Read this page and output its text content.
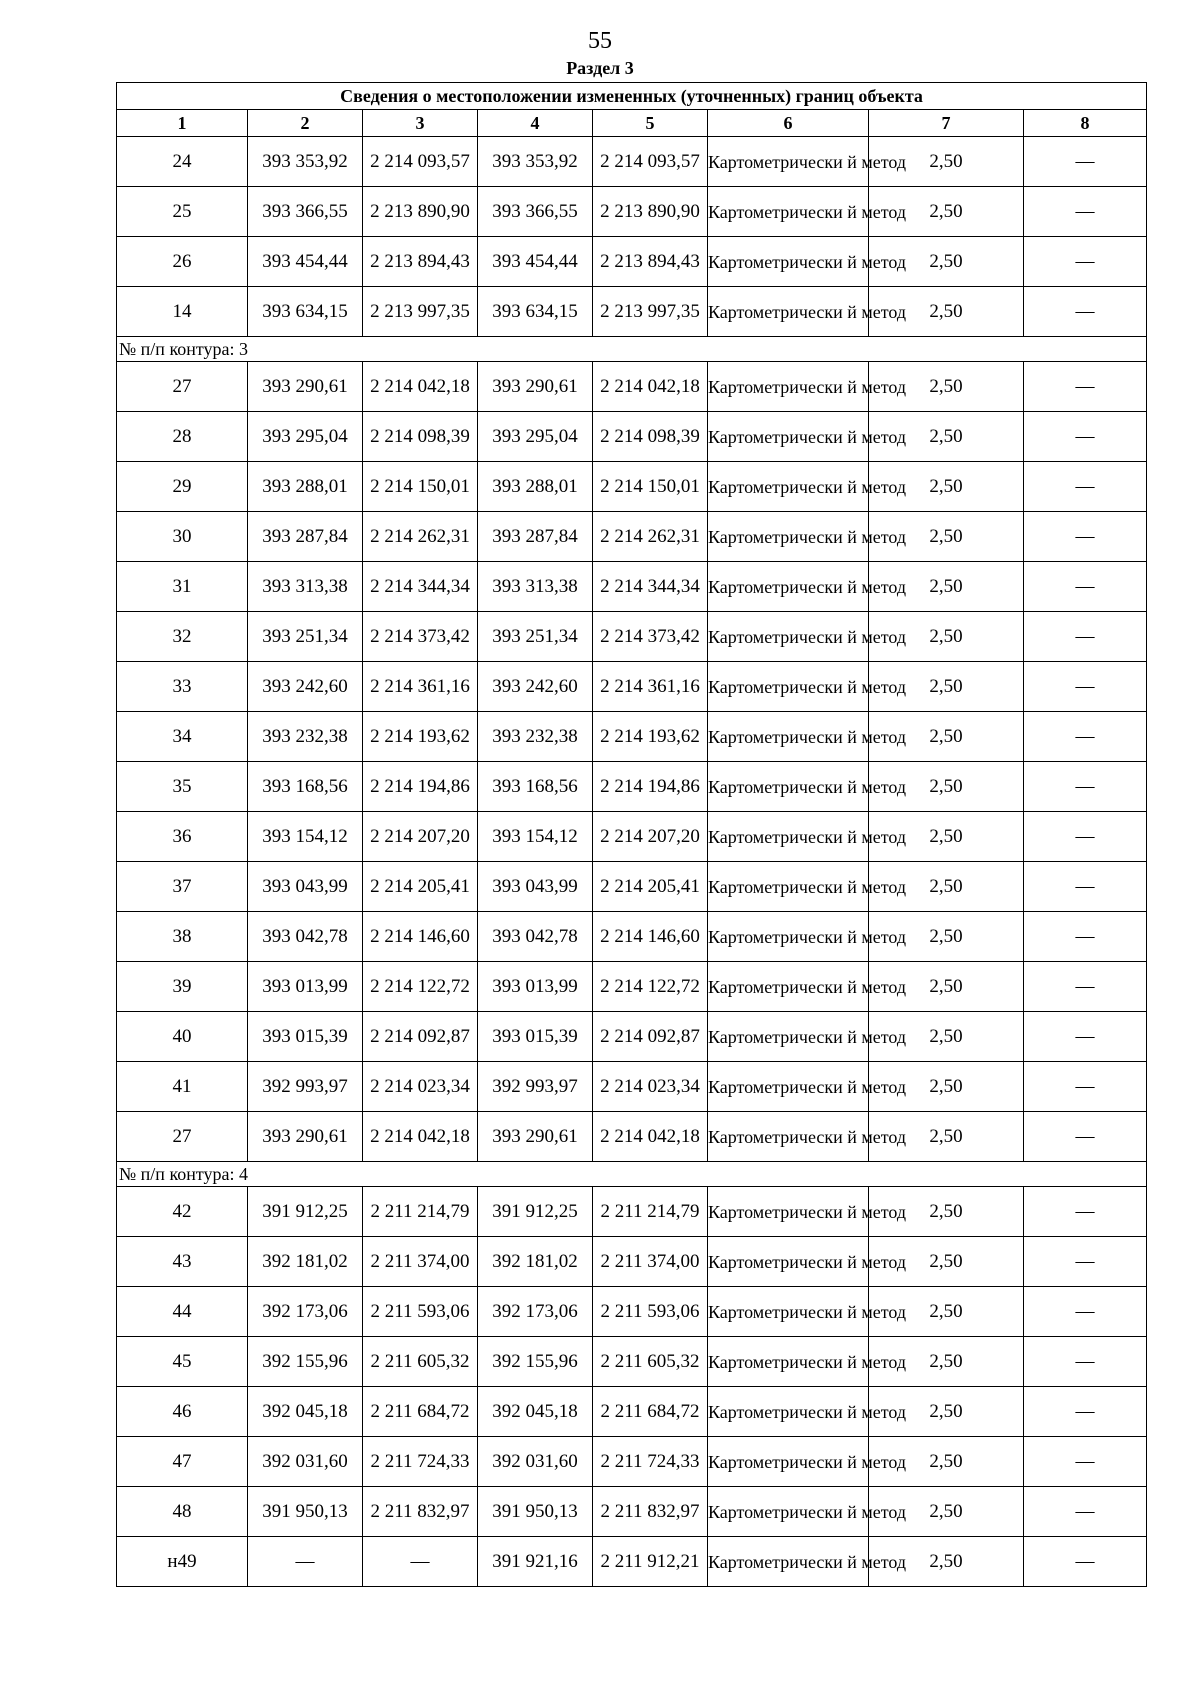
55
Раздел 3
Сведения о местоположении измененных (уточненных) границ объекта							
1	2	3	4	5	6	7	8
24	393 353,92	2 214 093,57	393 353,92	2 214 093,57	Картометрически й метод	2,50	—
25	393 366,55	2 213 890,90	393 366,55	2 213 890,90	Картометрически й метод	2,50	—
26	393 454,44	2 213 894,43	393 454,44	2 213 894,43	Картометрически й метод	2,50	—
14	393 634,15	2 213 997,35	393 634,15	2 213 997,35	Картометрически й метод	2,50	—
№ п/п контура: 3							
27	393 290,61	2 214 042,18	393 290,61	2 214 042,18	Картометрически й метод	2,50	—
28	393 295,04	2 214 098,39	393 295,04	2 214 098,39	Картометрически й метод	2,50	—
29	393 288,01	2 214 150,01	393 288,01	2 214 150,01	Картометрически й метод	2,50	—
30	393 287,84	2 214 262,31	393 287,84	2 214 262,31	Картометрически й метод	2,50	—
31	393 313,38	2 214 344,34	393 313,38	2 214 344,34	Картометрически й метод	2,50	—
32	393 251,34	2 214 373,42	393 251,34	2 214 373,42	Картометрически й метод	2,50	—
33	393 242,60	2 214 361,16	393 242,60	2 214 361,16	Картометрически й метод	2,50	—
34	393 232,38	2 214 193,62	393 232,38	2 214 193,62	Картометрически й метод	2,50	—
35	393 168,56	2 214 194,86	393 168,56	2 214 194,86	Картометрически й метод	2,50	—
36	393 154,12	2 214 207,20	393 154,12	2 214 207,20	Картометрически й метод	2,50	—
37	393 043,99	2 214 205,41	393 043,99	2 214 205,41	Картометрически й метод	2,50	—
38	393 042,78	2 214 146,60	393 042,78	2 214 146,60	Картометрически й метод	2,50	—
39	393 013,99	2 214 122,72	393 013,99	2 214 122,72	Картометрически й метод	2,50	—
40	393 015,39	2 214 092,87	393 015,39	2 214 092,87	Картометрически й метод	2,50	—
41	392 993,97	2 214 023,34	392 993,97	2 214 023,34	Картометрически й метод	2,50	—
27	393 290,61	2 214 042,18	393 290,61	2 214 042,18	Картометрически й метод	2,50	—
№ п/п контура: 4							
42	391 912,25	2 211 214,79	391 912,25	2 211 214,79	Картометрически й метод	2,50	—
43	392 181,02	2 211 374,00	392 181,02	2 211 374,00	Картометрически й метод	2,50	—
44	392 173,06	2 211 593,06	392 173,06	2 211 593,06	Картометрически й метод	2,50	—
45	392 155,96	2 211 605,32	392 155,96	2 211 605,32	Картометрически й метод	2,50	—
46	392 045,18	2 211 684,72	392 045,18	2 211 684,72	Картометрически й метод	2,50	—
47	392 031,60	2 211 724,33	392 031,60	2 211 724,33	Картометрически й метод	2,50	—
48	391 950,13	2 211 832,97	391 950,13	2 211 832,97	Картометрически й метод	2,50	—
н49	—	—	391 921,16	2 211 912,21	Картометрически й метод	2,50	—
